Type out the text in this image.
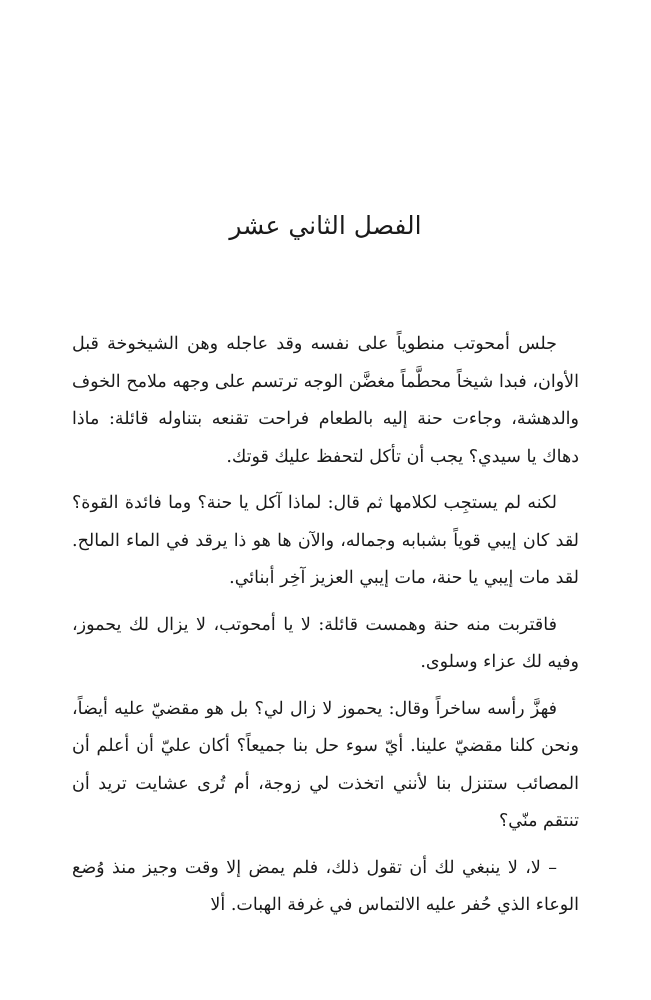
الفصل الثاني عشر

جلس أمحوتب منطوياً على نفسه وقد عاجله وهن الشيخوخة قبل الأوان، فبدا شيخاً محطَّماً مغضَّن الوجه ترتسم على وجهه ملامح الخوف والدهشة، وجاءت حنة إليه بالطعام فراحت تقنعه بتناوله قائلة: ماذا دهاك يا سيدي؟ يجب أن تأكل لتحفظ عليك قوتك.

لكنه لم يستجِب لكلامها ثم قال: لماذا آكل يا حنة؟ وما فائدة القوة؟ لقد كان إيبي قوياً بشبابه وجماله، والآن ها هو ذا يرقد في الماء المالح. لقد مات إيبي يا حنة، مات إيبي العزيز آخِر أبنائي.

فاقتربت منه حنة وهمست قائلة: لا يا أمحوتب، لا يزال لك يحموز، وفيه لك عزاء وسلوى.

فهزَّ رأسه ساخراً وقال: يحموز لا زال لي؟ بل هو مقضيّ عليه أيضاً، ونحن كلنا مقضيّ علينا. أيّ سوء حل بنا جميعاً؟ أكان عليّ أن أعلم أن المصائب ستنزل بنا لأنني اتخذت لي زوجة، أم تُرى عشايت تريد أن تنتقم منّي؟

– لا، لا ينبغي لك أن تقول ذلك، فلم يمض إلا وقت وجيز منذ وُضع الوعاء الذي حُفر عليه الالتماس في غرفة الهبات. ألا
